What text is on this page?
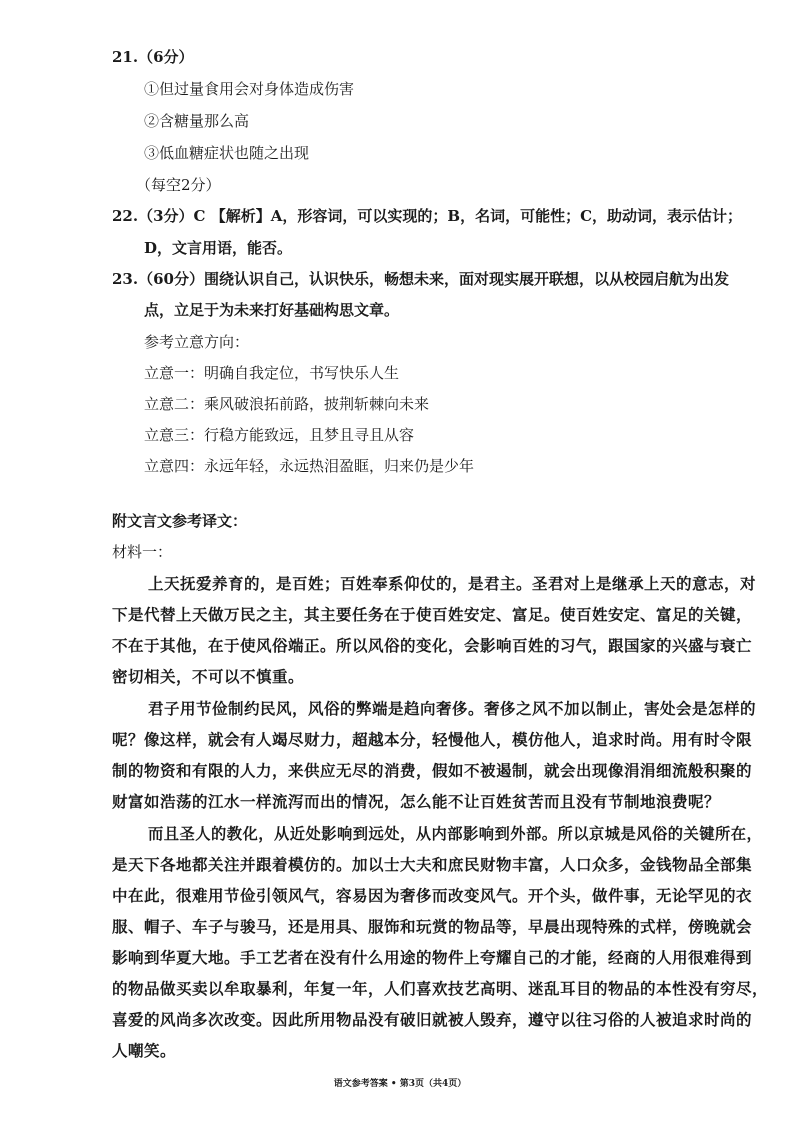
21.（6分）
①但过量食用会对身体造成伤害
②含糖量那么高
③低血糖症状也随之出现
（每空2分）
22.（3分）C 【解析】A，形容词，可以实现的；B，名词，可能性；C，助动词，表示估计；
D，文言用语，能否。
23.（60分）围绕认识自己，认识快乐，畅想未来，面对现实展开联想，以从校园启航为出发
点，立足于为未来打好基础构思文章。
参考立意方向：
立意一：明确自我定位，书写快乐人生
立意二：乘风破浪拓前路，披荆斩棘向未来
立意三：行稳方能致远，且梦且寻且从容
立意四：永远年轻，永远热泪盈眶，归来仍是少年
附文言文参考译文：
材料一：
上天抚爱养育的，是百姓；百姓奉系仰仗的，是君主。圣君对上是继承上天的意志，对
下是代替上天做万民之主，其主要任务在于使百姓安定、富足。使百姓安定、富足的关键，
不在于其他，在于使风俗端正。所以风俗的变化，会影响百姓的习气，跟国家的兴盛与衰亡
密切相关，不可以不慎重。
君子用节俭制约民风，风俗的弊端是趋向奢侈。奢侈之风不加以制止，害处会是怎样的
呢？像这样，就会有人竭尽财力，超越本分，轻慢他人，模仿他人，追求时尚。用有时令限
制的物资和有限的人力，来供应无尽的消费，假如不被遏制，就会出现像涓涓细流般积聚的
财富如浩荡的江水一样流泻而出的情况，怎么能不让百姓贫苦而且没有节制地浪费呢？
而且圣人的教化，从近处影响到远处，从内部影响到外部。所以京城是风俗的关键所在，
是天下各地都关注并跟着模仿的。加以士大夫和庶民财物丰富，人口众多，金钱物品全部集
中在此，很难用节俭引领风气，容易因为奢侈而改变风气。开个头，做件事，无论罕见的衣
服、帽子、车子与骏马，还是用具、服饰和玩赏的物品等，早晨出现特殊的式样，傍晚就会
影响到华夏大地。手工艺者在没有什么用途的物件上夸耀自己的才能，经商的人用很难得到
的物品做买卖以牟取暴利，年复一年，人们喜欢技艺高明、迷乱耳目的物品的本性没有穷尽，
喜爱的风尚多次改变。因此所用物品没有破旧就被人毁弃，遵守以往习俗的人被追求时尚的
人嘲笑。
语文参考答案 • 第3页（共4页）
